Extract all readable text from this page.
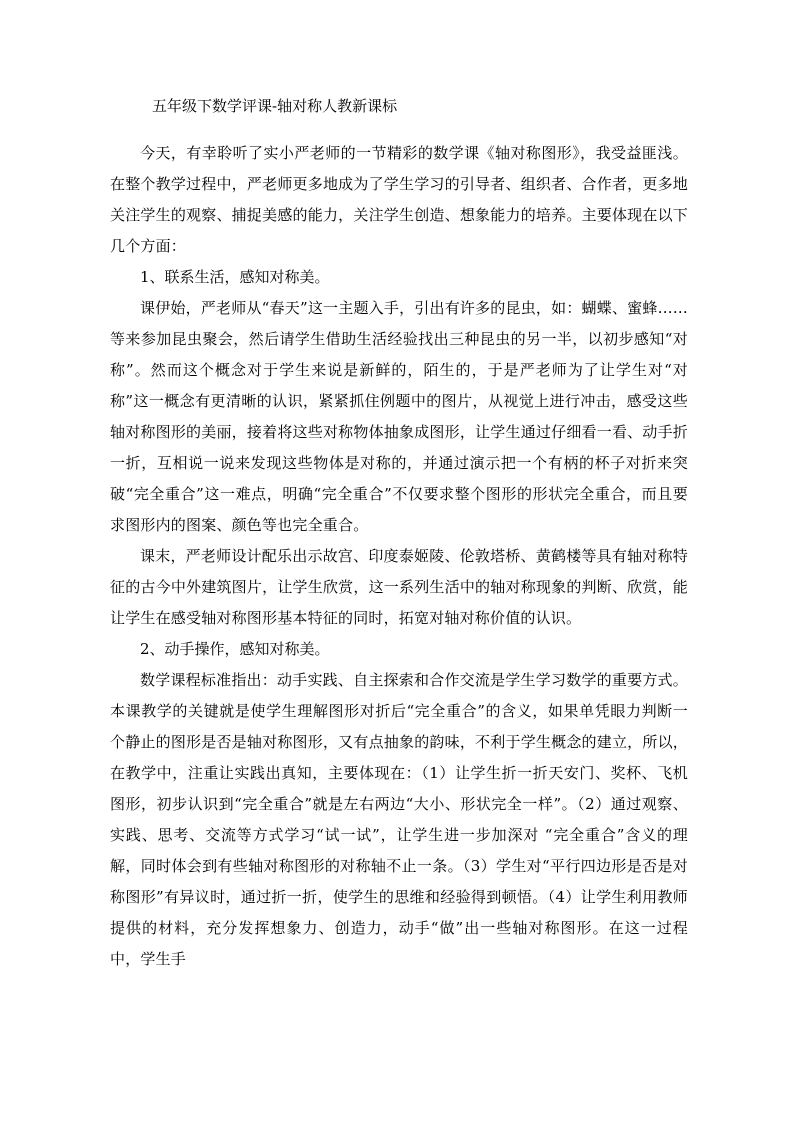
五年级下数学评课-轴对称人教新课标

今天，有幸聆听了实小严老师的一节精彩的数学课《轴对称图形》，我受益匪浅。在整个教学过程中，严老师更多地成为了学生学习的引导者、组织者、合作者，更多地关注学生的观察、捕捉美感的能力，关注学生创造、想象能力的培养。主要体现在以下几个方面：

1、联系生活，感知对称美。

课伊始，严老师从“春天”这一主题入手，引出有许多的昆虫，如：蝴蝶、蜜蜂……等来参加昆虫聚会，然后请学生借助生活经验找出三种昆虫的另一半，以初步感知“对称”。然而这个概念对于学生来说是新鲜的，陌生的，于是严老师为了让学生对“对称”这一概念有更清晰的认识，紧紧抓住例题中的图片，从视觉上进行冲击，感受这些轴对称图形的美丽，接着将这些对称物体抽象成图形，让学生通过仔细看一看、动手折一折，互相说一说来发现这些物体是对称的，并通过演示把一个有柄的杯子对折来突破“完全重合”这一难点，明确“完全重合”不仅要求整个图形的形状完全重合，而且要求图形内的图案、颜色等也完全重合。

课末，严老师设计配乐出示故宫、印度泰姬陵、伦敦塔桥、黄鹤楼等具有轴对称特征的古今中外建筑图片，让学生欣赏，这一系列生活中的轴对称现象的判断、欣赏，能让学生在感受轴对称图形基本特征的同时，拓宽对轴对称价值的认识。

2、动手操作，感知对称美。

数学课程标准指出：动手实践、自主探索和合作交流是学生学习数学的重要方式。本课教学的关键就是使学生理解图形对折后“完全重合”的含义，如果单凭眼力判断一个静止的图形是否是轴对称图形，又有点抽象的韵味，不利于学生概念的建立，所以，在教学中，注重让实践出真知，主要体现在：（1）让学生折一折天安门、奖杯、飞机图形，初步认识到“完全重合”就是左右两边“大小、形状完全一样”。（2）通过观察、实践、思考、交流等方式学习“试一试”，让学生进一步加深对 “完全重合”含义的理解，同时体会到有些轴对称图形的对称轴不止一条。（3）学生对“平行四边形是否是对称图形”有异议时，通过折一折，使学生的思维和经验得到顿悟。（4）让学生利用教师提供的材料，充分发挥想象力、创造力，动手“做”出一些轴对称图形。在这一过程中，学生手
